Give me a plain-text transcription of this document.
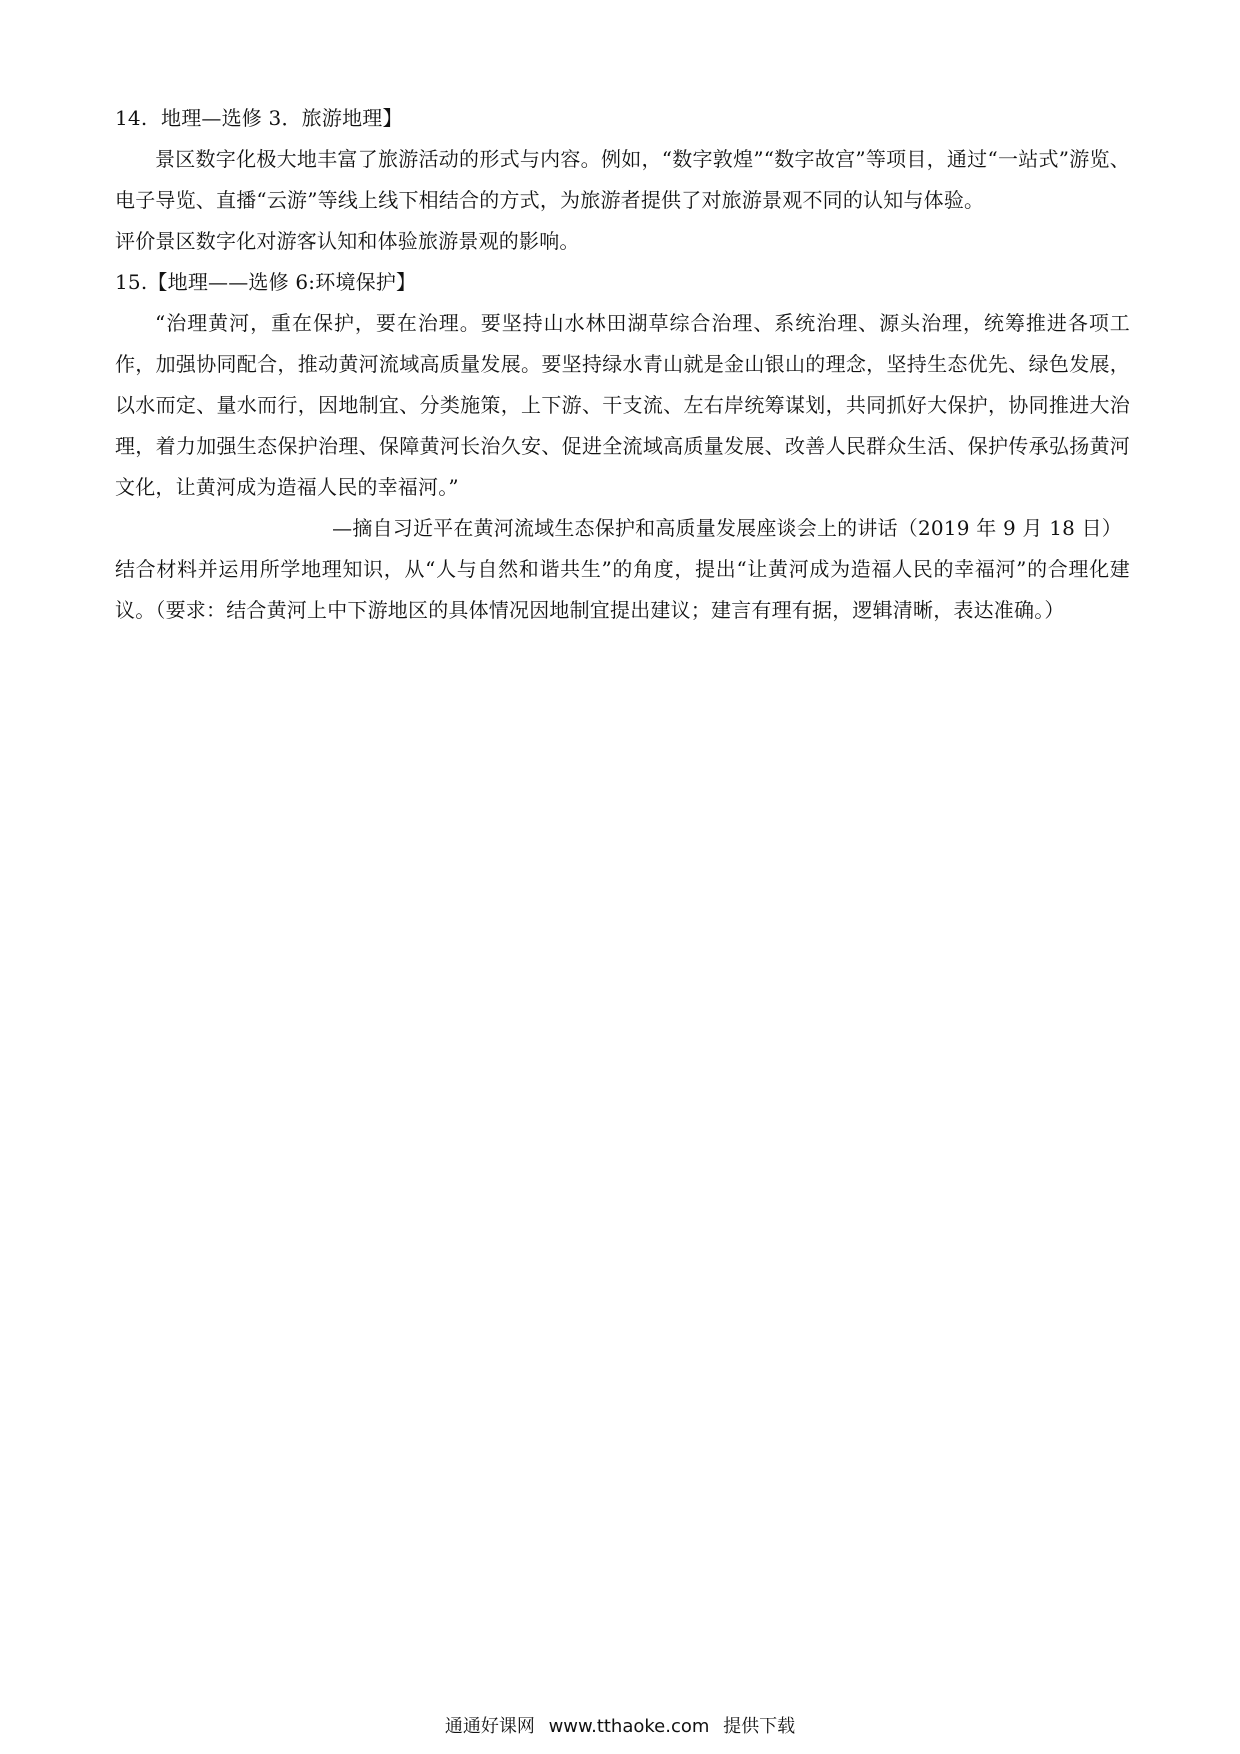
14. 地理—选修 3．旅游地理】

景区数字化极大地丰富了旅游活动的形式与内容。例如，“数字敦煌”“数字故宫”等项目，通过“一站式”游览、电子导览、直播“云游”等线上线下相结合的方式，为旅游者提供了对旅游景观不同的认知与体验。

评价景区数字化对游客认知和体验旅游景观的影响。

15.【地理——选修 6:环境保护】

“治理黄河，重在保护，要在治理。要坚持山水林田湖草综合治理、系统治理、源头治理，统筹推进各项工作，加强协同配合，推动黄河流域高质量发展。要坚持绿水青山就是金山银山的理念，坚持生态优先、绿色发展，以水而定、量水而行，因地制宜、分类施策，上下游、干支流、左右岸统筹谋划，共同抓好大保护，协同推进大治理，着力加强生态保护治理、保障黄河长治久安、促进全流域高质量发展、改善人民群众生活、保护传承弘扬黄河文化，让黄河成为造福人民的幸福河。”

—摘自习近平在黄河流域生态保护和高质量发展座谈会上的讲话（2019 年 9 月 18 日）

结合材料并运用所学地理知识，从“人与自然和谐共生”的角度，提出“让黄河成为造福人民的幸福河”的合理化建议。（要求：结合黄河上中下游地区的具体情况因地制宜提出建议；建言有理有据，逻辑清晰，表达准确。）

通通好课网 www.tthaoke.com 提供下载
